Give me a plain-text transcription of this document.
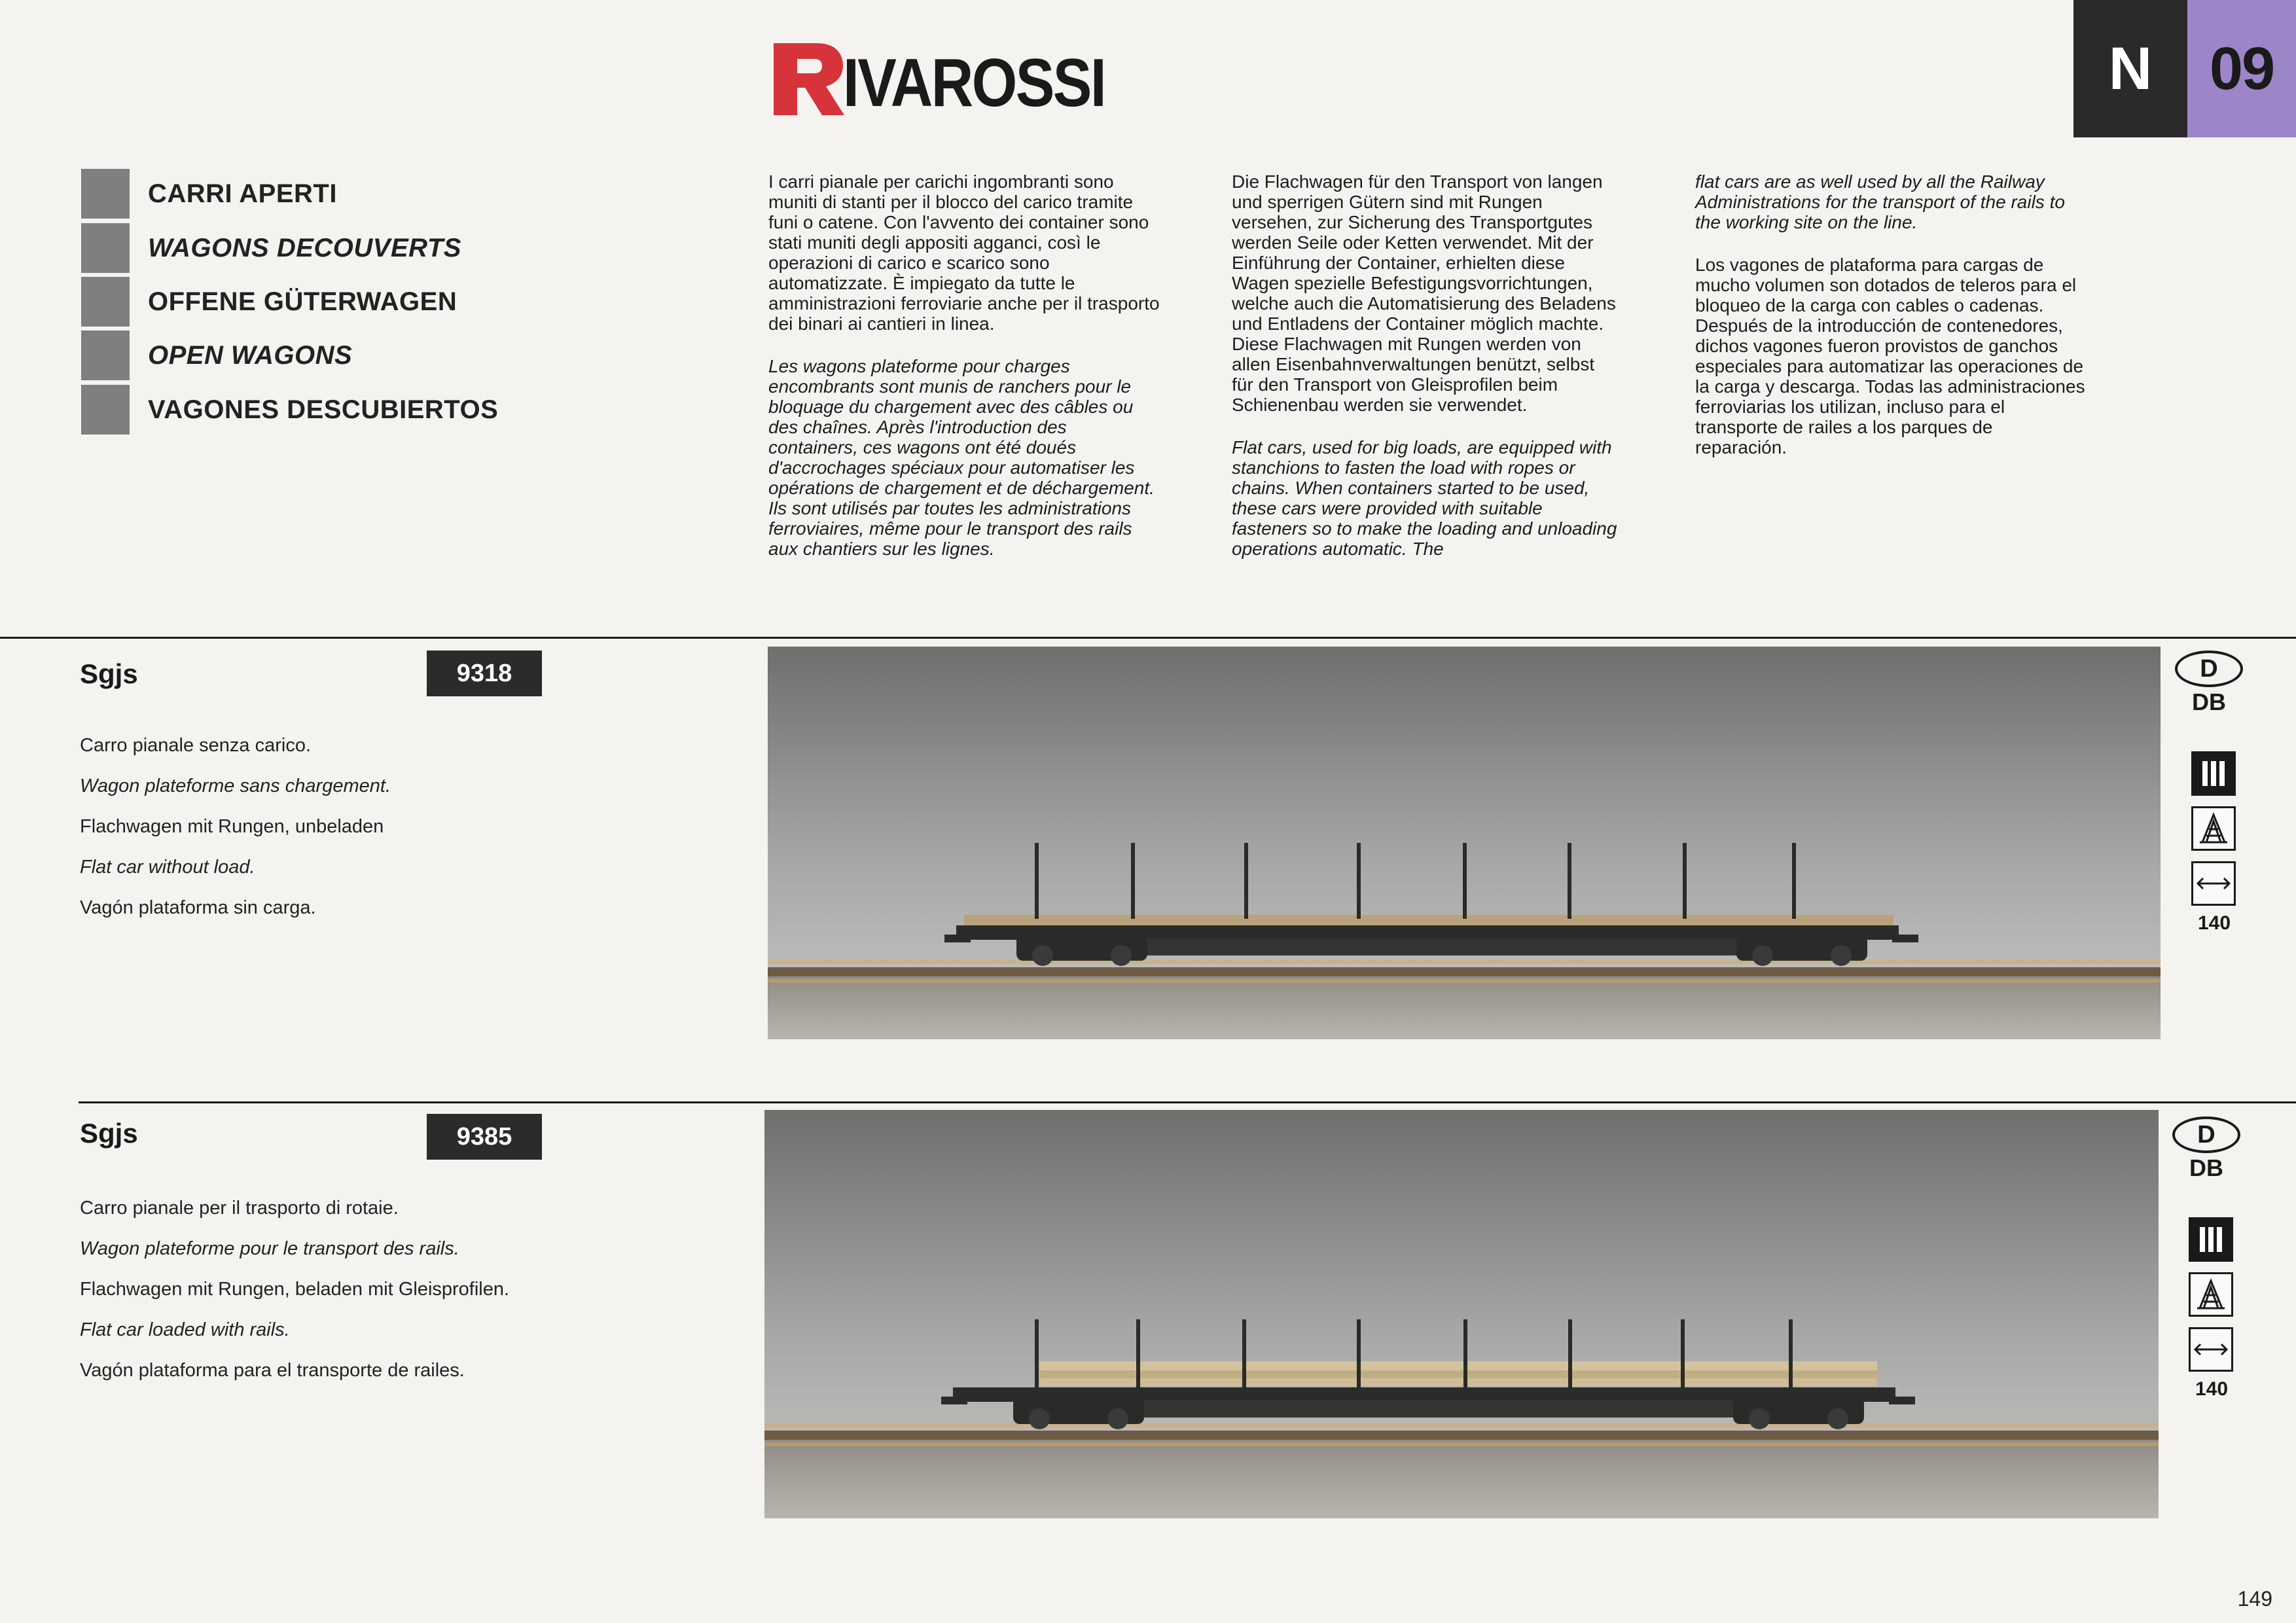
IVAROSSI	N 09
CARRI APERTI
WAGONS DECOUVERTS
OFFENE GÜTERWAGEN
OPEN WAGONS
VAGONES DESCUBIERTOS

I carri pianale per carichi ingombranti sono muniti di stanti per il blocco del carico tramite funi o catene. Con l'avvento dei container sono stati muniti degli appositi agganci, così le operazioni di carico e scarico sono automatizzate. È impiegato da tutte le amministrazioni ferroviarie anche per il trasporto dei binari ai cantieri in linea.

Les wagons plateforme pour charges encombrants sont munis de ranchers pour le bloquage du chargement avec des câbles ou des chaînes. Après l'introduction des containers, ces wagons ont été doués d'accrochages spéciaux pour automatiser les opérations de chargement et de déchargement. Ils sont utilisés par toutes les administrations ferroviaires, même pour le transport des rails aux chantiers sur les lignes.

Die Flachwagen für den Transport von langen und sperrigen Gütern sind mit Rungen versehen, zur Sicherung des Transportgutes werden Seile oder Ketten verwendet. Mit der Einführung der Container, erhielten diese Wagen spezielle Befestigungsvorrichtungen, welche auch die Automatisierung des Beladens und Entladens der Container möglich machte. Diese Flachwagen mit Rungen werden von allen Eisenbahnverwaltungen benützt, selbst für den Transport von Gleisprofilen beim Schienenbau werden sie verwendet.

Flat cars, used for big loads, are equipped with stanchions to fasten the load with ropes or chains. When containers started to be used, these cars were provided with suitable fasteners so to make the loading and unloading operations automatic. The

flat cars are as well used by all the Railway Administrations for the transport of the rails to the working site on the line.

Los vagones de plataforma para cargas de mucho volumen son dotados de teleros para el bloqueo de la carga con cables o cadenas. Después de la introducción de contenedores, dichos vagones fueron provistos de ganchos especiales para automatizar las operaciones de la carga y descarga. Todas las administraciones ferroviarias los utilizan, incluso para el transporte de railes a los parques de reparación.

Sgjs	9318
Carro pianale senza carico.
Wagon plateforme sans chargement.
Flachwagen mit Rungen, unbeladen
Flat car without load.
Vagón plataforma sin carga.
D
DB
140
Sgjs	9385
Carro pianale per il trasporto di rotaie.
Wagon plateforme pour le transport des rails.
Flachwagen mit Rungen, beladen mit Gleisprofilen.
Flat car loaded with rails.
Vagón plataforma para el transporte de railes.
D
DB
140
149
